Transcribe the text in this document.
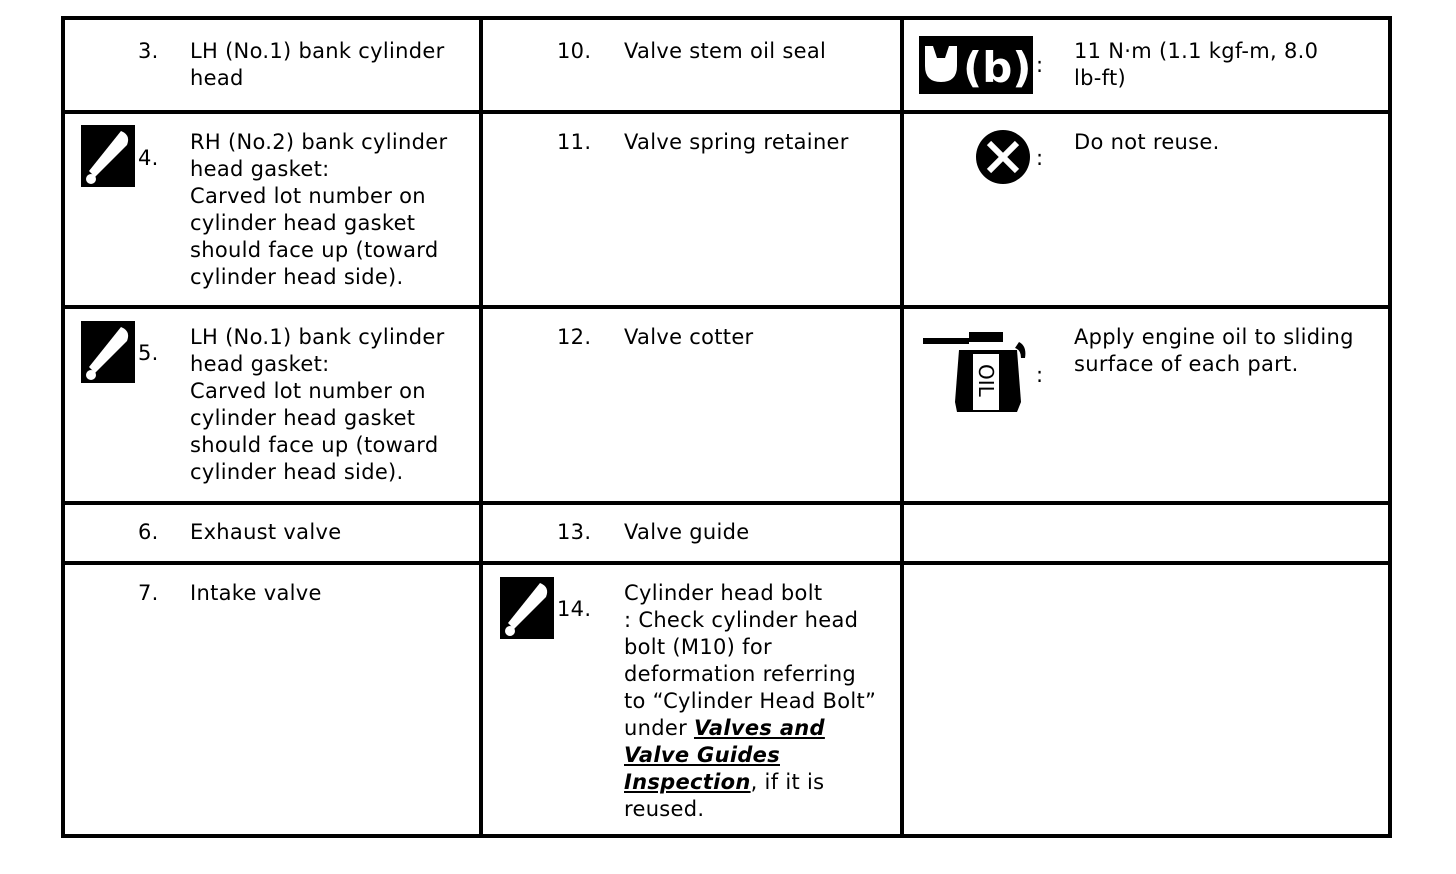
3. LH (No.1) bank cylinder
head
10. Valve stem oil seal	(b) :
11 N·m (1.1 kgf-m, 8.0
lb-ft)
4.
RH (No.2) bank cylinder
head gasket:
Carved lot number on
cylinder head gasket
should face up (toward
cylinder head side).
11. Valve spring retainer
:
Do not reuse.
5.
LH (No.1) bank cylinder
head gasket:
Carved lot number on
cylinder head gasket
should face up (toward
cylinder head side).
12. Valve cotter
OIL :
Apply engine oil to sliding
surface of each part.
6. Exhaust valve	13. Valve guide
7. Intake valve
14.
Cylinder head bolt
: Check cylinder head
bolt (M10) for
deformation referring
to “Cylinder Head Bolt”
under Valves and
Valve Guides
Inspection, if it is
reused.
